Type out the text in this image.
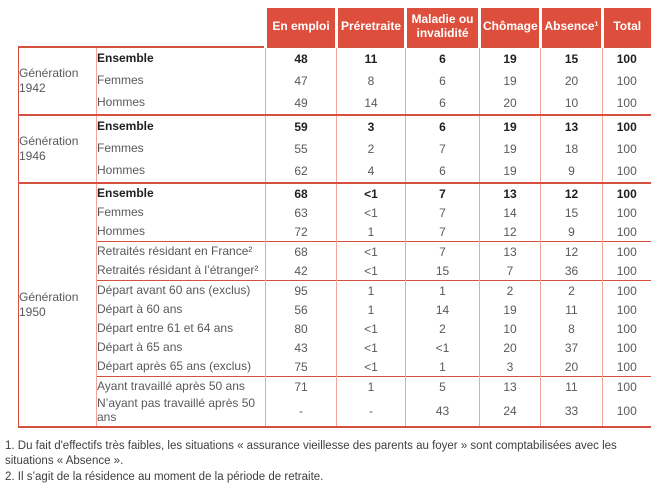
		En emploi	Préretraite	Maladie ou invalidité	Chômage	Absence¹	Total
Génération 1942	Ensemble	48	11	6	19	15	100
	Femmes	47	8	6	19	20	100
	Hommes	49	14	6	20	10	100
Génération 1946	Ensemble	59	3	6	19	13	100
	Femmes	55	2	7	19	18	100
	Hommes	62	4	6	19	9	100
Génération 1950	Ensemble	68	<1	7	13	12	100
	Femmes	63	<1	7	14	15	100
	Hommes	72	1	7	12	9	100
	Retraités résidant en France²	68	<1	7	13	12	100
	Retraités résidant à l’étranger²	42	<1	15	7	36	100
	Départ avant 60 ans (exclus)	95	1	1	2	2	100
	Départ à 60 ans	56	1	14	19	11	100
	Départ entre 61 et 64 ans	80	<1	2	10	8	100
	Départ à 65 ans	43	<1	<1	20	37	100
	Départ après 65 ans (exclus)	75	<1	1	3	20	100
	Ayant travaillé après 50 ans	71	1	5	13	11	100
	N’ayant pas travaillé après 50 ans	-	-	43	24	33	100

1. Du fait d'effectifs très faibles, les situations « assurance vieillesse des parents au foyer » sont comptabilisées avec les situations « Absence ».

2. Il s’agit de la résidence au moment de la période de retraite.
